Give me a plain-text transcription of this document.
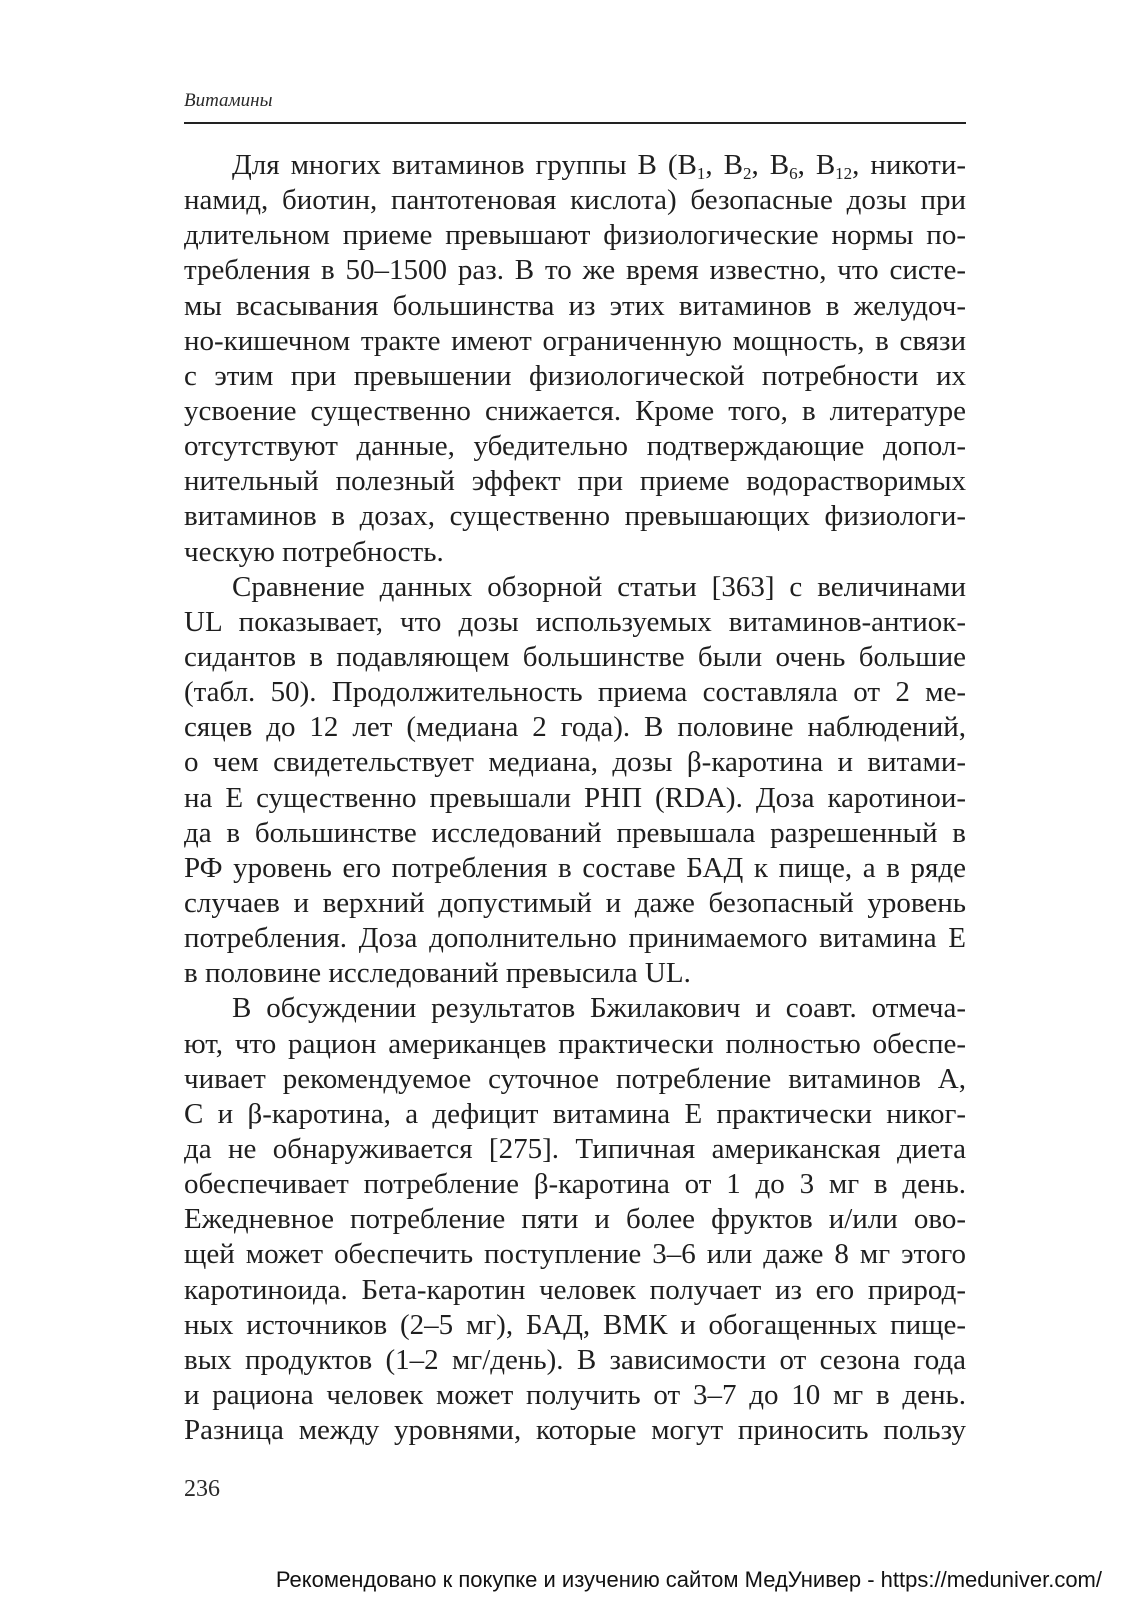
Витамины
Для многих витаминов группы В ($В_1$, $В_2$, $В_6$, $В_{12}$, никоти-
намид, биотин, пантотеновая кислота) безопасные дозы при
длительном приеме превышают физиологические нормы по-
требления в 50–1500 раз. В то же время известно, что систе-
мы всасывания большинства из этих витаминов в желудоч-
но-кишечном тракте имеют ограниченную мощность, в связи
с этим при превышении физиологической потребности их
усвоение существенно снижается. Кроме того, в литературе
отсутствуют данные, убедительно подтверждающие допол-
нительный полезный эффект при приеме водорастворимых
витаминов в дозах, существенно превышающих физиологи-
ческую потребность.
Сравнение данных обзорной статьи [363] с величинами
UL показывает, что дозы используемых витаминов-антиок-
сидантов в подавляющем большинстве были очень большие
(табл. 50). Продолжительность приема составляла от 2 ме-
сяцев до 12 лет (медиана 2 года). В половине наблюдений,
о чем свидетельствует медиана, дозы β-каротина и витами-
на Е существенно превышали РНП (RDA). Доза каротинои-
да в большинстве исследований превышала разрешенный в
РФ уровень его потребления в составе БАД к пище, а в ряде
случаев и верхний допустимый и даже безопасный уровень
потребления. Доза дополнительно принимаемого витамина Е
в половине исследований превысила UL.
В обсуждении результатов Бжилакович и соавт. отмеча-
ют, что рацион американцев практически полностью обеспе-
чивает рекомендуемое суточное потребление витаминов А,
С и β-каротина, а дефицит витамина Е практически никог-
да не обнаруживается [275]. Типичная американская диета
обеспечивает потребление β-каротина от 1 до 3 мг в день.
Ежедневное потребление пяти и более фруктов и/или ово-
щей может обеспечить поступление 3–6 или даже 8 мг этого
каротиноида. Бета-каротин человек получает из его природ-
ных источников (2–5 мг), БАД, ВМК и обогащенных пище-
вых продуктов (1–2 мг/день). В зависимости от сезона года
и рациона человек может получить от 3–7 до 10 мг в день.
Разница между уровнями, которые могут приносить пользу
236
Рекомендовано к покупке и изучению сайтом МедУнивер - https://meduniver.com/
